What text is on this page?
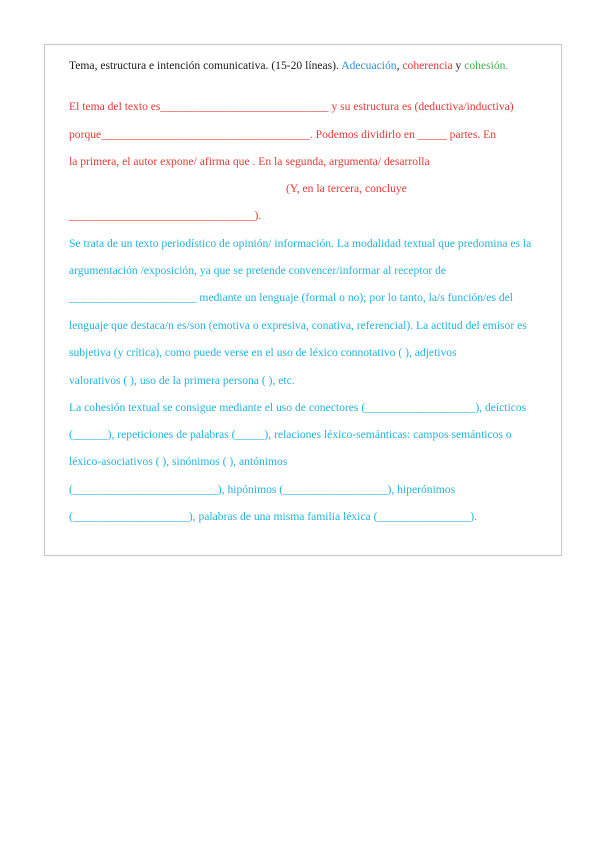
Tema, estructura e intención comunicativa. (15-20 líneas). Adecuación, coherencia y cohesión.
El tema del texto es_____________________________ y su estructura es (deductiva/inductiva)
porque____________________________________. Podemos dividirlo en _____ partes. En
la primera, el autor expone/ afirma que . En la segunda, argumenta/ desarrolla
(Y, en la tercera, concluye
________________________________).
Se trata de un texto periodístico de opinión/ información. La modalidad textual que predomina es la
argumentación /exposición, ya que se pretende convencer/informar al receptor de
______________________ mediante un lenguaje (formal o no); por lo tanto, la/s función/es del
lenguaje que destaca/n es/son (emotiva o expresiva, conativa, referencial). La actitud del emisor es
subjetiva (y crítica), como puede verse en el uso de léxico connotativo ( ), adjetivos
valorativos ( ), uso de la primera persona ( ), etc.
La cohesión textual se consigue mediante el uso de conectores (___________________), deícticos
(______), repeticiones de palabras (_____), relaciones léxico-semánticas: campos semánticos o
léxico-asociativos ( ), sinónimos ( ), antónimos
(_________________________), hipónimos (__________________), hiperónimos
(____________________), palabras de una misma familia léxica (________________).
